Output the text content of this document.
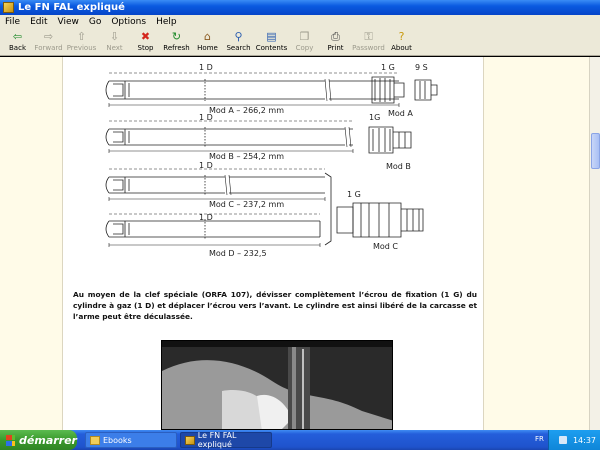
Le FN FAL expliqué
File	Edit	View	Go	Options	Help
⇦
Back
⇨
Forward
⇧
Previous
⇩
Next
✖
Stop
↻
Refresh
⌂
Home
⚲
Search
▤
Contents
❐
Copy
⎙
Print
⚿
Password
?
About
1 D	1 G	9 S
Mod A – 266,2 mm	Mod A
1 D	1G
Mod B – 254,2 mm
Mod B
1 D
1 G
Mod C – 237,2 mm
Mod C
1 D
Mod D – 232,5

Au moyen de la clef spéciale (ORFA 107), dévisser complètement l’écrou de fixation (1 G) du cylindre à gaz (1 D) et déplacer l’écrou vers l’avant. Le cylindre est ainsi libéré de la carcasse et l’arme peut être déculassée.

démarrer	Ebooks	Le FN FAL expliqué
FR	14:37
